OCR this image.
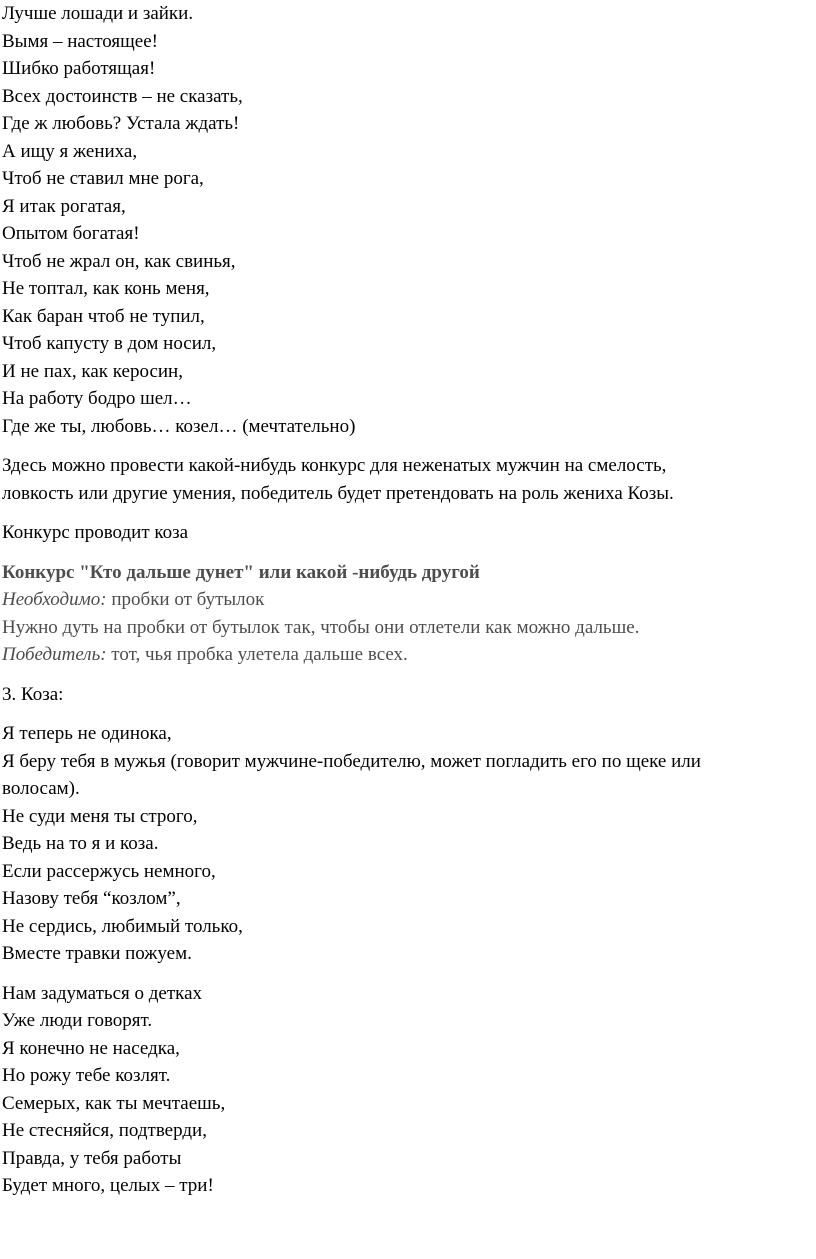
Лучше лошади и зайки.
Вымя – настоящее!
Шибко работящая!
Всех достоинств – не сказать,
Где ж любовь? Устала ждать!
А ищу я жениха,
Чтоб не ставил мне рога,
Я итак рогатая,
Опытом богатая!
Чтоб не жрал он, как свинья,
Не топтал, как конь меня,
Как баран чтоб не тупил,
Чтоб капусту в дом носил,
И не пах, как керосин,
На работу бодро шел…
Где же ты, любовь… козел… (мечтательно)
Здесь можно провести какой-нибудь конкурс для неженатых мужчин на смелость,
ловкость или другие умения, победитель будет претендовать на роль жениха Козы.
Конкурс проводит коза
Конкурс "Кто дальше дунет" или какой -нибудь другой
Необходимо: пробки от бутылок
Нужно дуть на пробки от бутылок так, чтобы они отлетели как можно дальше.
Победитель: тот, чья пробка улетела дальше всех.
3. Коза:
Я теперь не одинока,
Я беру тебя в мужья (говорит мужчине-победителю, может погладить его по щеке или
волосам).
Не суди меня ты строго,
Ведь на то я и коза.
Если рассержусь немного,
Назову тебя “козлом”,
Не сердись, любимый только,
Вместе травки пожуем.
Нам задуматься о детках
Уже люди говорят.
Я конечно не наседка,
Но рожу тебе козлят.
Семерых, как ты мечтаешь,
Не стесняйся, подтверди,
Правда, у тебя работы
Будет много, целых – три!
